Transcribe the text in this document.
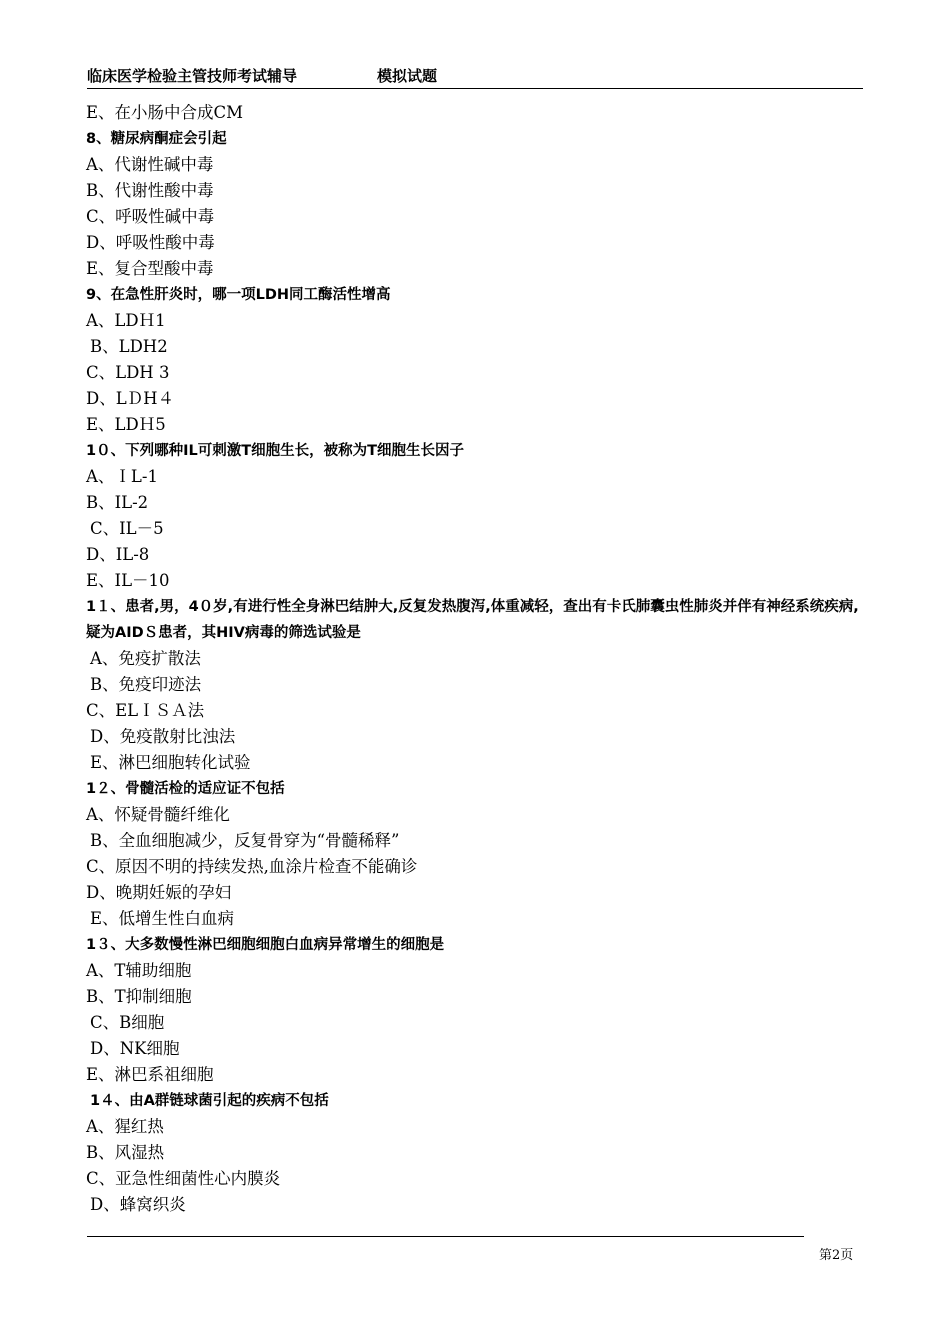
临床医学检验主管技师考试辅导	模拟试题
E、在小肠中合成CM
8、糖尿病酮症会引起
A、代谢性碱中毒
B、代谢性酸中毒
C、呼吸性碱中毒
D、呼吸性酸中毒
E、复合型酸中毒
9、在急性肝炎时，哪一项LDH同工酶活性增高
A、LDＨ1
B、LDH2
C、LDH 3
D、LＤH４
E、LDＨ5
1０、下列哪种IL可刺激T细胞生长，被称为T细胞生长因子
A、ＩL-1
B、IL-2
C、IL－5
D、IL-8
E、IL－10
1１、患者,男，4０岁,有进行性全身淋巴结肿大,反复发热腹泻,体重减轻，查出有卡氏肺囊虫性肺炎并伴有神经系统疾病,疑为AIDＳ患者，其HIV病毒的筛选试验是
A、免疫扩散法
B、免疫印迹法
C、ELＩＳＡ法
D、免疫散射比浊法
E、淋巴细胞转化试验
1２、骨髓活检的适应证不包括
A、怀疑骨髓纤维化
B、全血细胞减少，反复骨穿为“骨髓稀释”
C、原因不明的持续发热,血涂片检查不能确诊
D、晚期妊娠的孕妇
E、低增生性白血病
1３、大多数慢性淋巴细胞细胞白血病异常增生的细胞是
A、T辅助细胞
B、T抑制细胞
C、B细胞
D、NK细胞
E、淋巴系祖细胞
1４、由A群链球菌引起的疾病不包括
A、猩红热
B、风湿热
C、亚急性细菌性心内膜炎
D、蜂窝织炎
第2页
